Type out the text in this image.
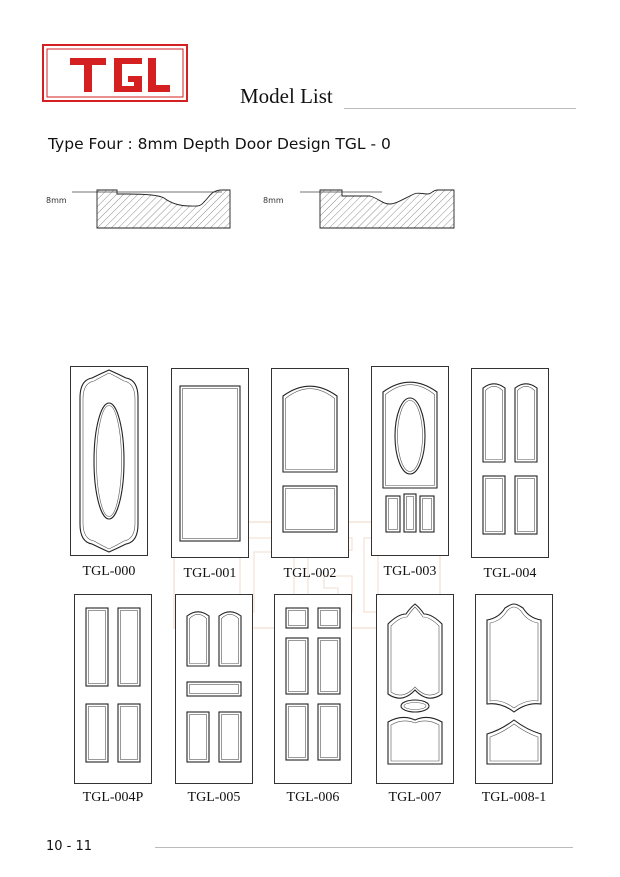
Model List
Type Four : 8mm Depth Door Design TGL - 0
8mm	8mm
TGL-000	TGL-001	TGL-002	TGL-003	TGL-004
TGL-004P	TGL-005	TGL-006	TGL-007	TGL-008-1
10 - 11
